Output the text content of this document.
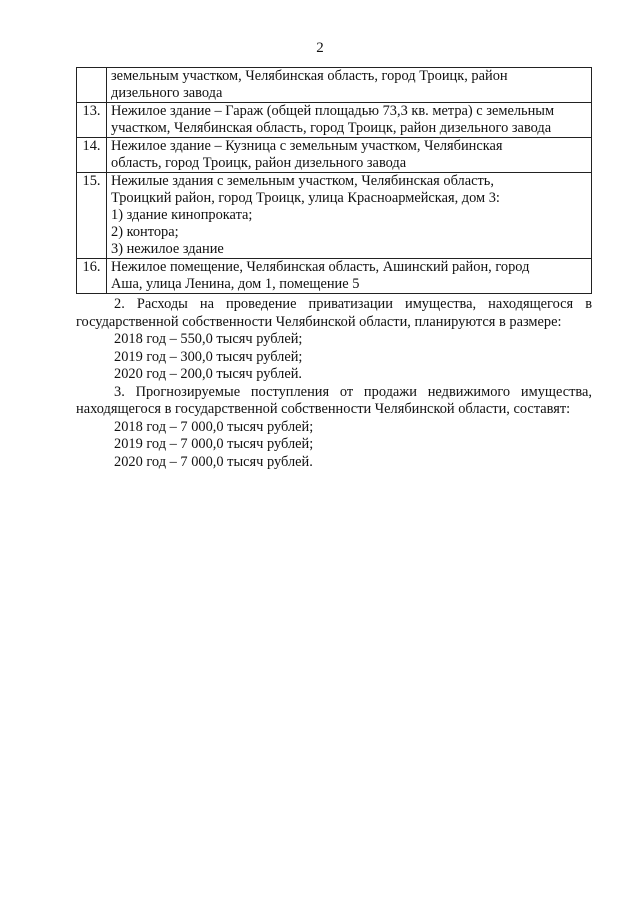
2

	земельным участком, Челябинская область, город Троицк, район
дизельного завода

13.	Нежилое здание – Гараж (общей площадью 73,3 кв. метра) с земельным
участком, Челябинская область, город Троицк, район дизельного завода

14.	Нежилое здание – Кузница с земельным участком, Челябинская
область, город Троицк, район дизельного завода

15.	Нежилые здания с земельным участком, Челябинская область,
Троицкий район, город Троицк, улица Красноармейская, дом 3:
1) здание кинопроката;
2) контора;
3) нежилое здание

16.	Нежилое помещение, Челябинская область, Ашинский район, город
Аша, улица Ленина, дом 1, помещение 5

2. Расходы на проведение приватизации имущества, находящегося в государственной собственности Челябинской области, планируются в размере:

2018 год – 550,0 тысяч рублей;

2019 год – 300,0 тысяч рублей;

2020 год – 200,0 тысяч рублей.

3. Прогнозируемые поступления от продажи недвижимого имущества, находящегося в государственной собственности Челябинской области, составят:

2018 год – 7 000,0 тысяч рублей;

2019 год – 7 000,0 тысяч рублей;

2020 год – 7 000,0 тысяч рублей.
